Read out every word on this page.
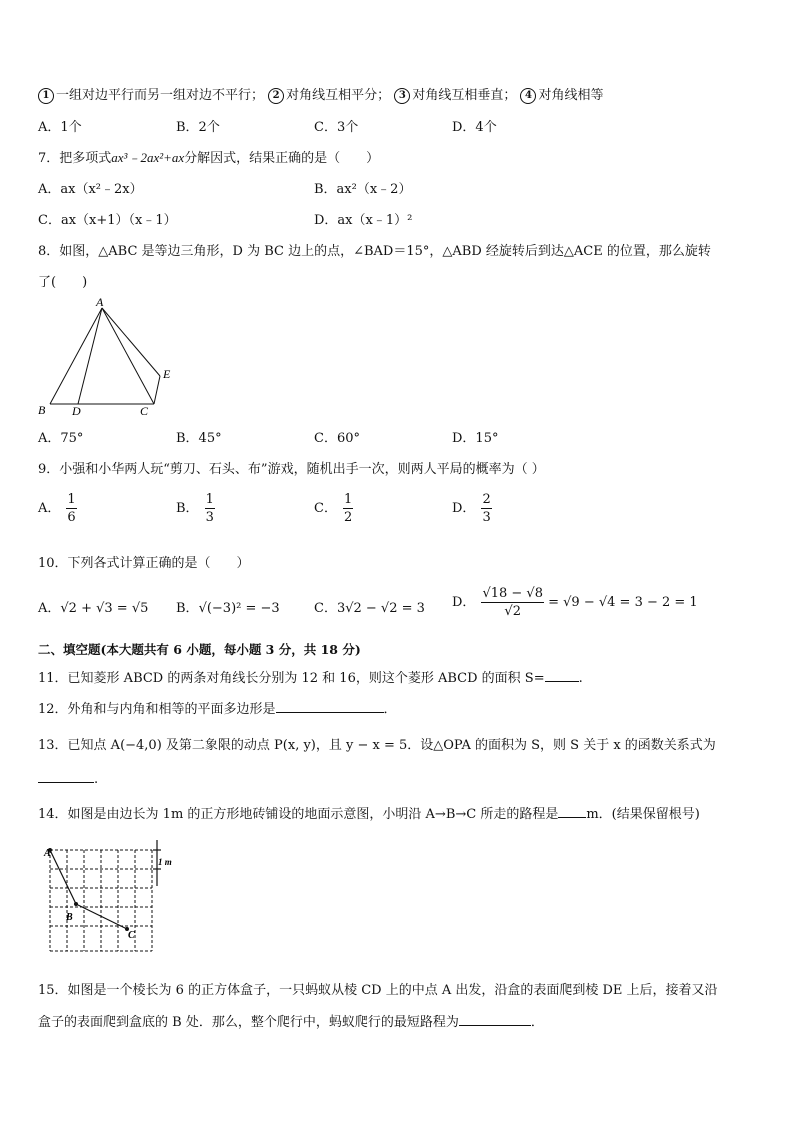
1 一组对边平行而另一组对边不平行； 2 对角线互相平分； 3 对角线互相垂直； 4 对角线相等
A．1个	B．2个	C．3个	D．4个
7．把多项式ax³﹣2ax²+ax分解因式，结果正确的是（　　）
A．ax（x²﹣2x）	B．ax²（x﹣2）
C．ax（x+1）（x﹣1）	D．ax（x﹣1）²
8．如图，△ABC 是等边三角形，D 为 BC 边上的点，∠BAD＝15°，△ABD 经旋转后到达△ACE 的位置，那么旋转
了(　　)
A
B D	C
E
A．75°	B．45°	C．60°	D．15°
9．小强和小华两人玩“剪刀、石头、布”游戏，随机出手一次，则两人平局的概率为（ ）
A． $\frac{1}{6}$	B． $\frac{1}{3}$	C． $\frac{1}{2}$	D． $\frac{2}{3}$
10．下列各式计算正确的是（　　）
A．√2 + √3 = √5 B．√(−3)² = −3	C．3√2 − √2 = 3 D． $\frac{√18 - √8}{√2} = √9 - √4 = 3 - 2 = 1$
二、填空题(本大题共有 6 小题，每小题 3 分，共 18 分)
11．已知菱形 ABCD 的两条对角线长分别为 12 和 16，则这个菱形 ABCD 的面积 S=	.
12．外角和与内角和相等的平面多边形是	．
13．已知点 A(−4,0) 及第二象限的动点 P(x, y)，且 y − x = 5．设△OPA 的面积为 S，则 S 关于 x 的函数关系式为
.
14．如图是由边长为 1m 的正方形地砖铺设的地面示意图，小明沿 A→B→C 所走的路程是 m．(结果保留根号)
A
B
C
1 m
15．如图是一个棱长为 6 的正方体盒子，一只蚂蚁从棱 CD 上的中点 A 出发，沿盒的表面爬到棱 DE 上后，接着又沿
盒子的表面爬到盒底的 B 处．那么，整个爬行中，蚂蚁爬行的最短路程为	．
